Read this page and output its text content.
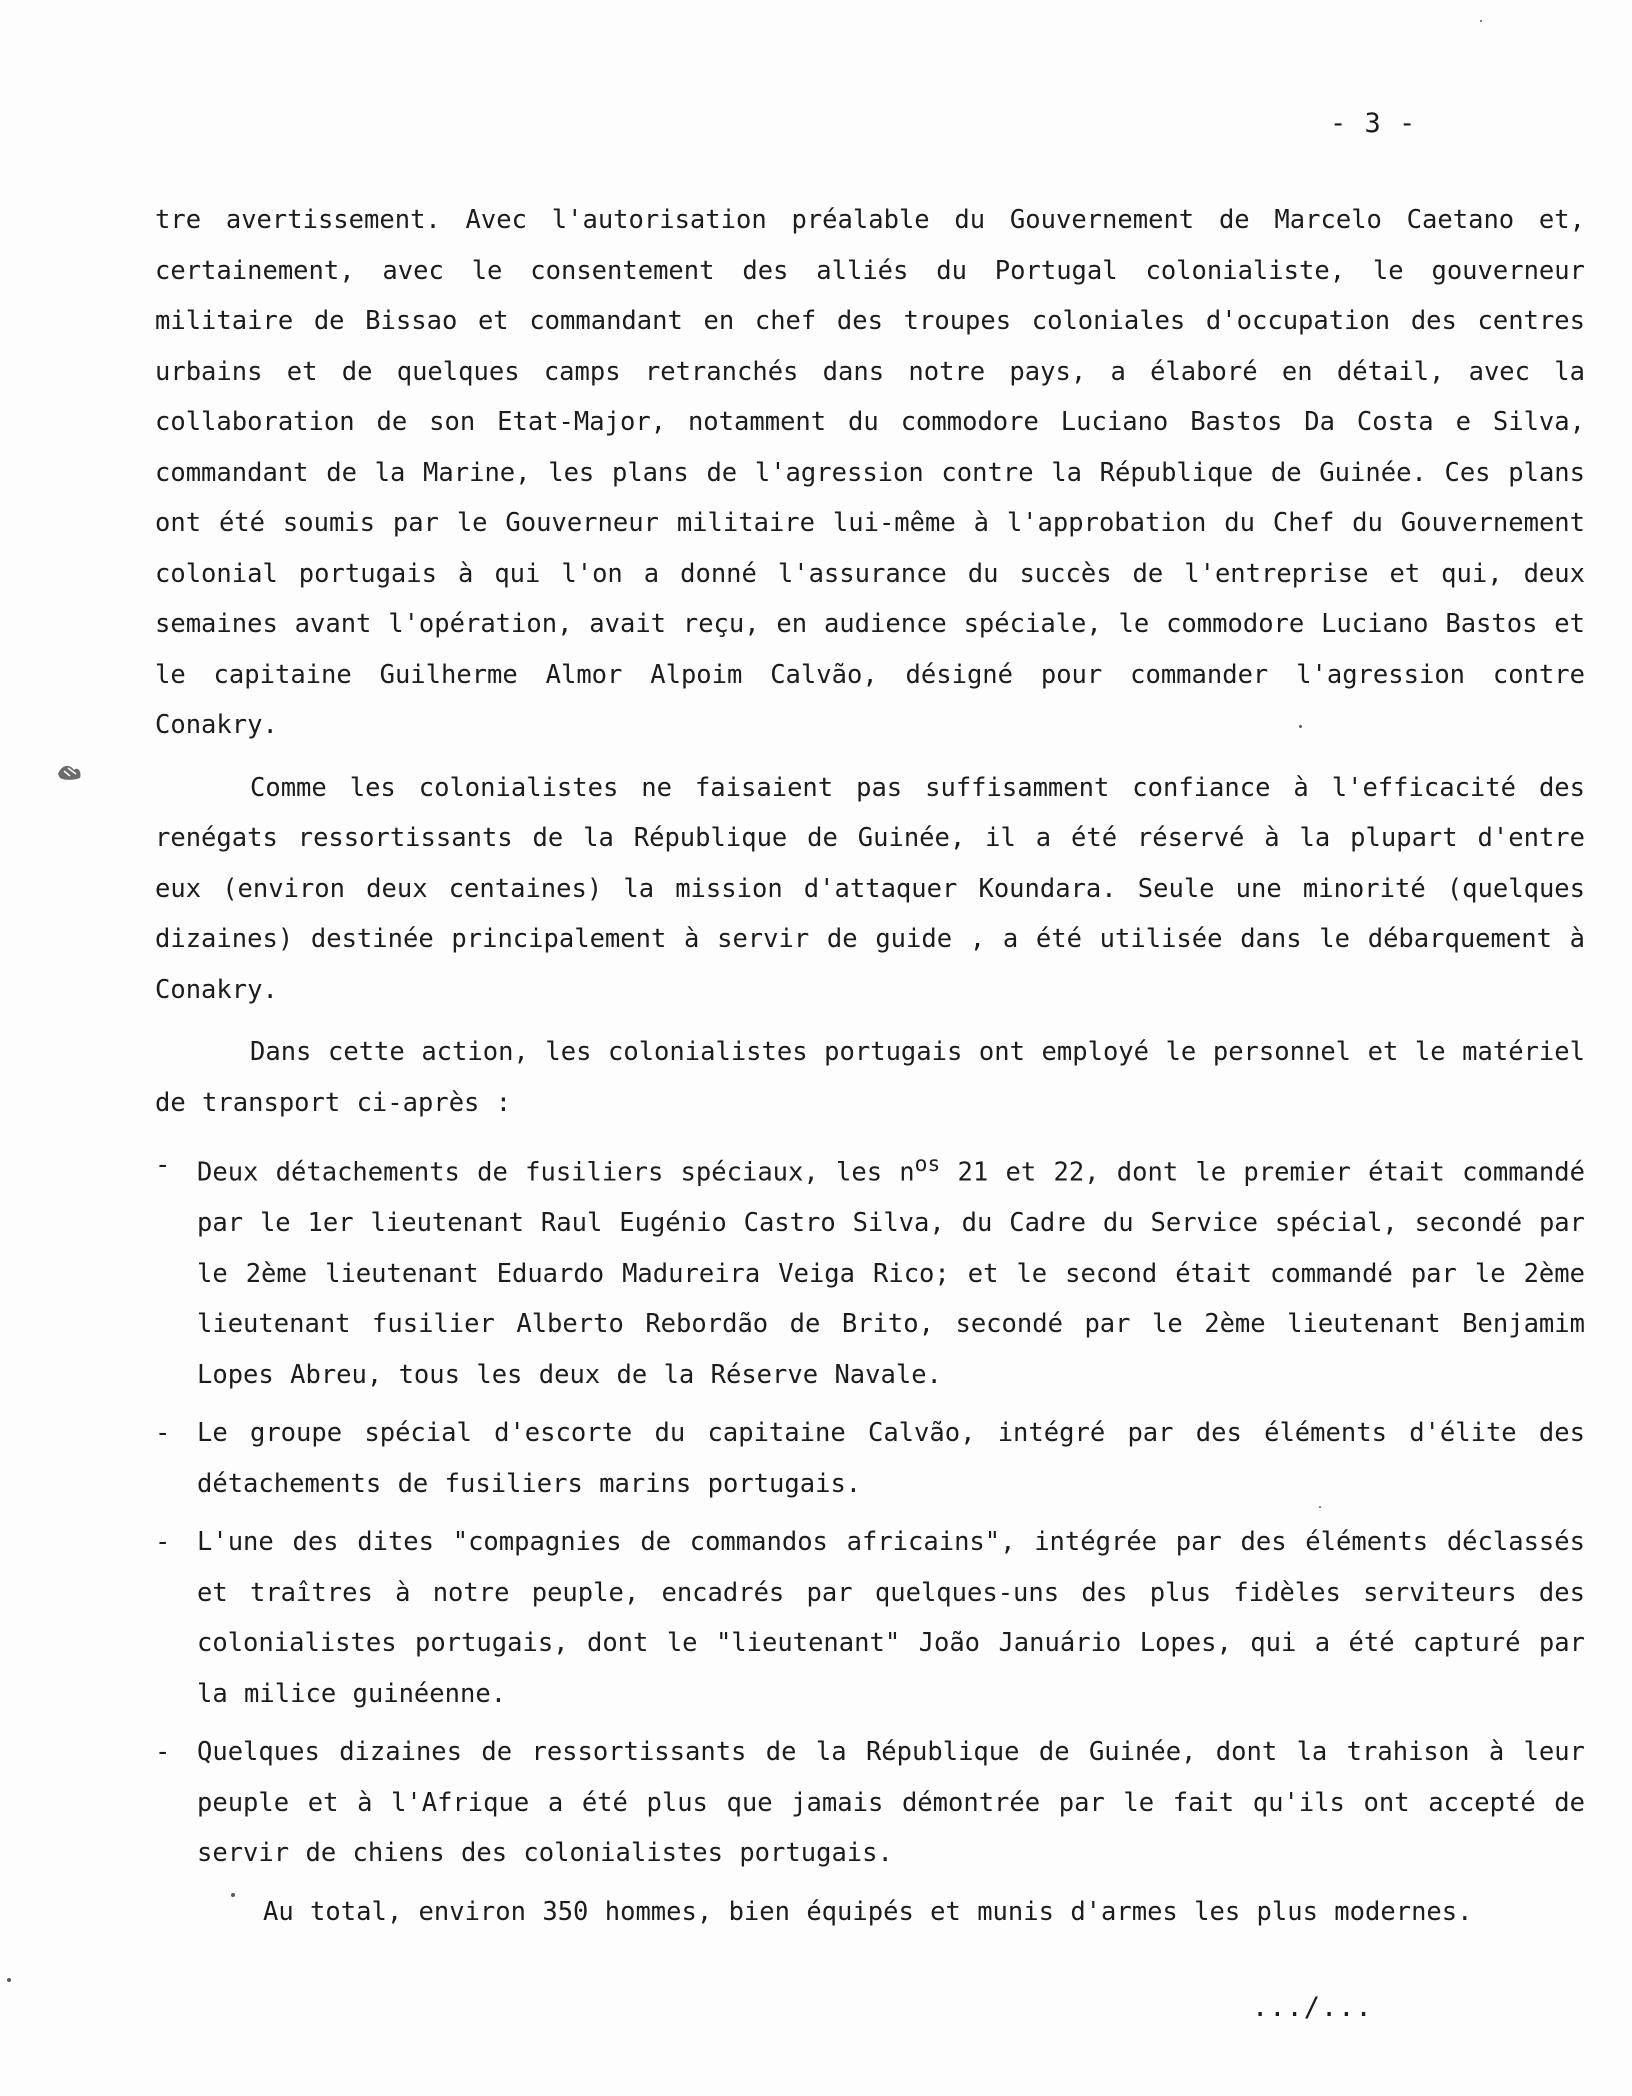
- 3 -

tre avertissement. Avec l'autorisation préalable du Gouvernement de Marcelo Caetano et, certainement, avec le consentement des alliés du Portugal colonialiste, le gouverneur militaire de Bissao et commandant en chef des troupes coloniales d'occupation des centres urbains et de quelques camps retranchés dans notre pays, a élaboré en détail, avec la collaboration de son Etat-Major, notamment du commodore Luciano Bastos Da Costa e Silva, commandant de la Marine, les plans de l'agression contre la République de Guinée. Ces plans ont été soumis par le Gouverneur militaire lui-même à l'approbation du Chef du Gouvernement colonial portugais à qui l'on a donné l'assurance du succès de l'entreprise et qui, deux semaines avant l'opération, avait reçu, en audience spéciale, le commodore Luciano Bastos et le capitaine Guilherme Almor Alpoim Calvão, désigné pour commander l'agression contre Conakry.

Comme les colonialistes ne faisaient pas suffisamment confiance à l'efficacité des renégats ressortissants de la République de Guinée, il a été réservé à la plupart d'entre eux (environ deux centaines) la mission d'attaquer Koundara. Seule une minorité (quelques dizaines) destinée principalement à servir de guide , a été utilisée dans le débarquement à Conakry.

Dans cette action, les colonialistes portugais ont employé le personnel et le matériel de transport ci-après :

- Deux détachements de fusiliers spéciaux, les $n^{os}$ 21 et 22, dont le premier était commandé par le 1er lieutenant Raul Eugénio Castro Silva, du Cadre du Service spécial, secondé par le 2ème lieutenant Eduardo Madureira Veiga Rico; et le second était commandé par le 2ème lieutenant fusilier Alberto Rebordão de Brito, secondé par le 2ème lieutenant Benjamim Lopes Abreu, tous les deux de la Réserve Navale.
- Le groupe spécial d'escorte du capitaine Calvão, intégré par des éléments d'élite des détachements de fusiliers marins portugais.
- L'une des dites "compagnies de commandos africains", intégrée par des éléments déclassés et traîtres à notre peuple, encadrés par quelques-uns des plus fidèles serviteurs des colonialistes portugais, dont le "lieutenant" João Januário Lopes, qui a été capturé par la milice guinéenne.
- Quelques dizaines de ressortissants de la République de Guinée, dont la trahison à leur peuple et à l'Afrique a été plus que jamais démontrée par le fait qu'ils ont accepté de servir de chiens des colonialistes portugais.

Au total, environ 350 hommes, bien équipés et munis d'armes les plus modernes.

.../...
